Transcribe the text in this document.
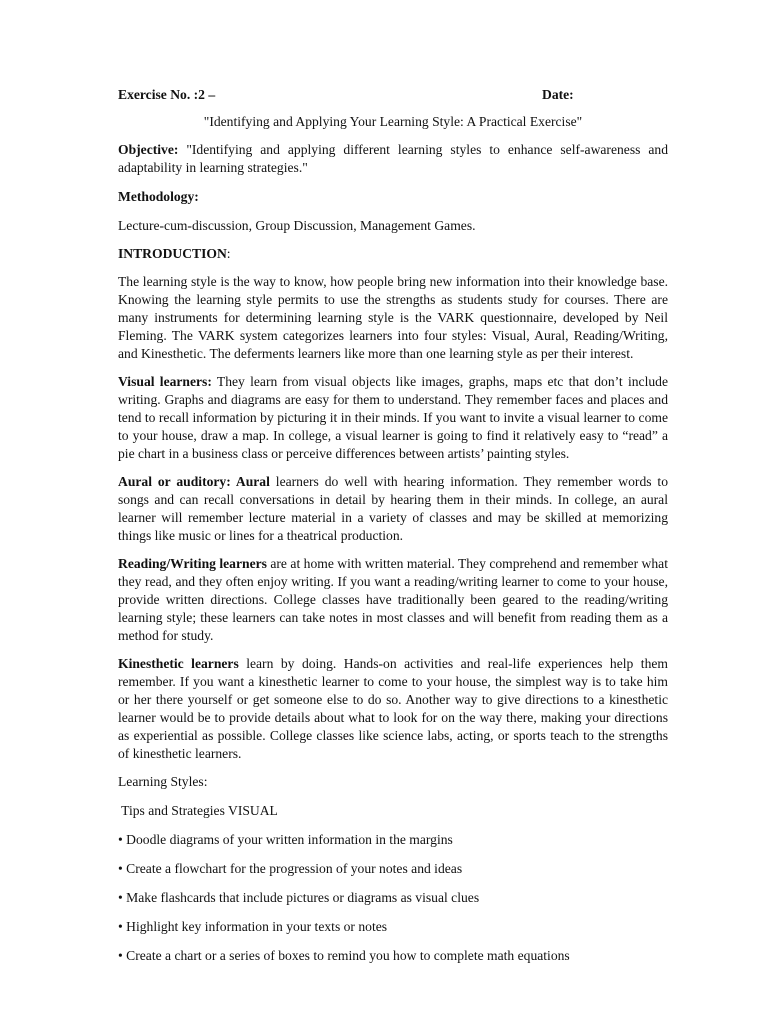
Exercise No. :2 –	Date:
"Identifying and Applying Your Learning Style: A Practical Exercise"

Objective: "Identifying and applying different learning styles to enhance self-awareness and adaptability in learning strategies."

Methodology:

Lecture-cum-discussion, Group Discussion, Management Games.

INTRODUCTION:

The learning style is the way to know, how people bring new information into their knowledge base. Knowing the learning style permits to use the strengths as students study for courses. There are many instruments for determining learning style is the VARK questionnaire, developed by Neil Fleming. The VARK system categorizes learners into four styles: Visual, Aural, Reading/Writing, and Kinesthetic. The deferments learners like more than one learning style as per their interest.

Visual learners: They learn from visual objects like images, graphs, maps etc that don’t include writing. Graphs and diagrams are easy for them to understand. They remember faces and places and tend to recall information by picturing it in their minds. If you want to invite a visual learner to come to your house, draw a map. In college, a visual learner is going to find it relatively easy to “read” a pie chart in a business class or perceive differences between artists’ painting styles.

Aural or auditory: Aural learners do well with hearing information. They remember words to songs and can recall conversations in detail by hearing them in their minds. In college, an aural learner will remember lecture material in a variety of classes and may be skilled at memorizing things like music or lines for a theatrical production.

Reading/Writing learners are at home with written material. They comprehend and remember what they read, and they often enjoy writing. If you want a reading/writing learner to come to your house, provide written directions. College classes have traditionally been geared to the reading/writing learning style; these learners can take notes in most classes and will benefit from reading them as a method for study.

Kinesthetic learners learn by doing. Hands-on activities and real-life experiences help them remember. If you want a kinesthetic learner to come to your house, the simplest way is to take him or her there yourself or get someone else to do so. Another way to give directions to a kinesthetic learner would be to provide details about what to look for on the way there, making your directions as experiential as possible. College classes like science labs, acting, or sports teach to the strengths of kinesthetic learners.

Learning Styles:

Tips and Strategies VISUAL

• Doodle diagrams of your written information in the margins

• Create a flowchart for the progression of your notes and ideas

• Make flashcards that include pictures or diagrams as visual clues

• Highlight key information in your texts or notes

• Create a chart or a series of boxes to remind you how to complete math equations
